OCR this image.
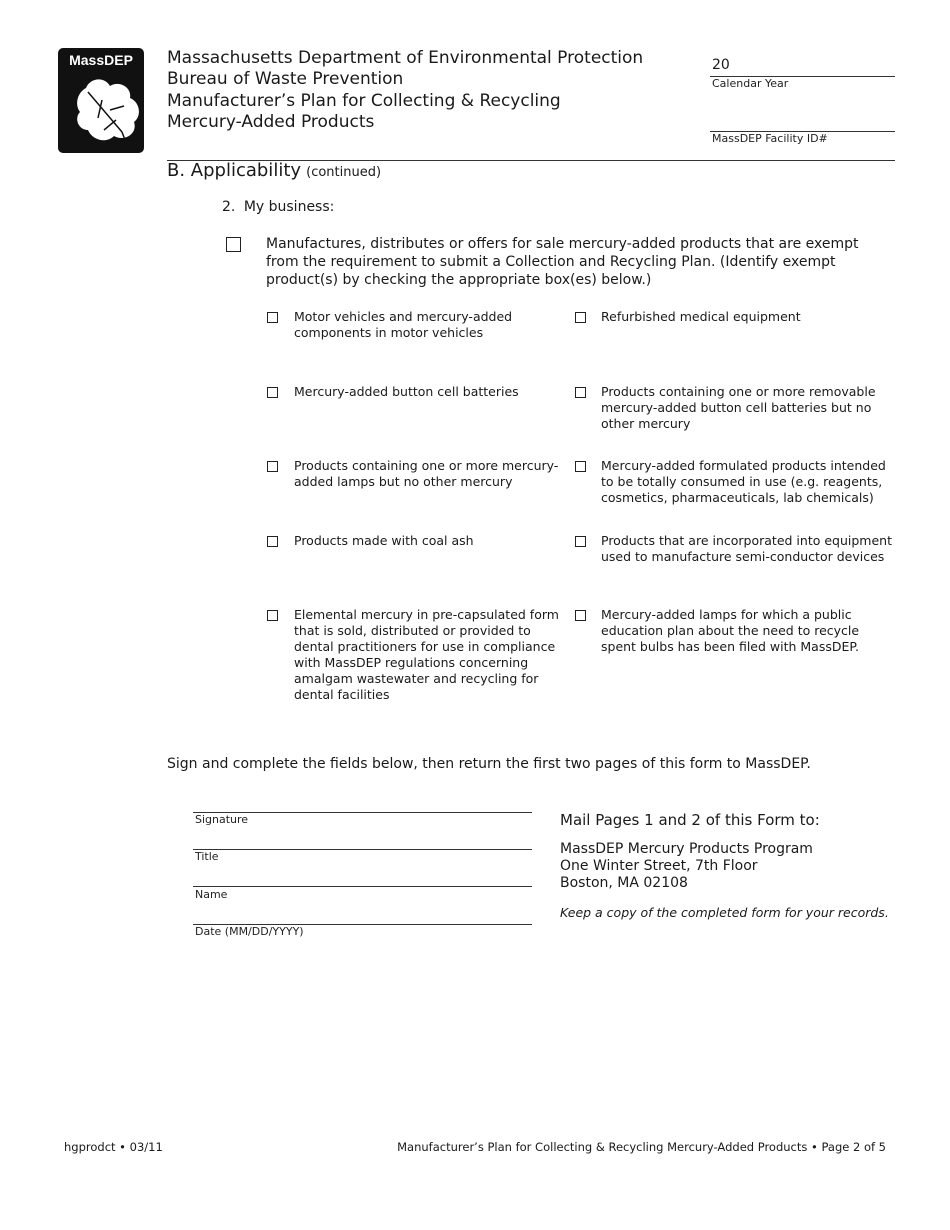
MassDEP	Massachusetts Department of Environmental Protection
Bureau of Waste Prevention
Manufacturer’s Plan for Collecting & Recycling
Mercury-Added Products
20
Calendar Year
MassDEP Facility ID#
B. Applicability (continued)
2. My business:
Manufactures, distributes or offers for sale mercury-added products that are exempt from the requirement to submit a Collection and Recycling Plan. (Identify exempt product(s) by checking the appropriate box(es) below.)
Motor vehicles and mercury-added components in motor vehicles
Mercury-added button cell batteries
Products containing one or more mercury-added lamps but no other mercury
Products made with coal ash
Elemental mercury in pre-capsulated form that is sold, distributed or provided to dental practitioners for use in compliance with MassDEP regulations concerning amalgam wastewater and recycling for dental facilities
Refurbished medical equipment
Products containing one or more removable mercury-added button cell batteries but no other mercury
Mercury-added formulated products intended to be totally consumed in use (e.g. reagents, cosmetics, pharmaceuticals, lab chemicals)
Products that are incorporated into equipment used to manufacture semi-conductor devices
Mercury-added lamps for which a public education plan about the need to recycle spent bulbs has been filed with MassDEP.
Sign and complete the fields below, then return the first two pages of this form to MassDEP.
Signature
Title
Name
Date (MM/DD/YYYY)
Mail Pages 1 and 2 of this Form to:
MassDEP Mercury Products Program
One Winter Street, 7th Floor
Boston, MA 02108
Keep a copy of the completed form for your records.
hgprodct • 03/11	Manufacturer’s Plan for Collecting & Recycling Mercury-Added Products • Page 2 of 5
